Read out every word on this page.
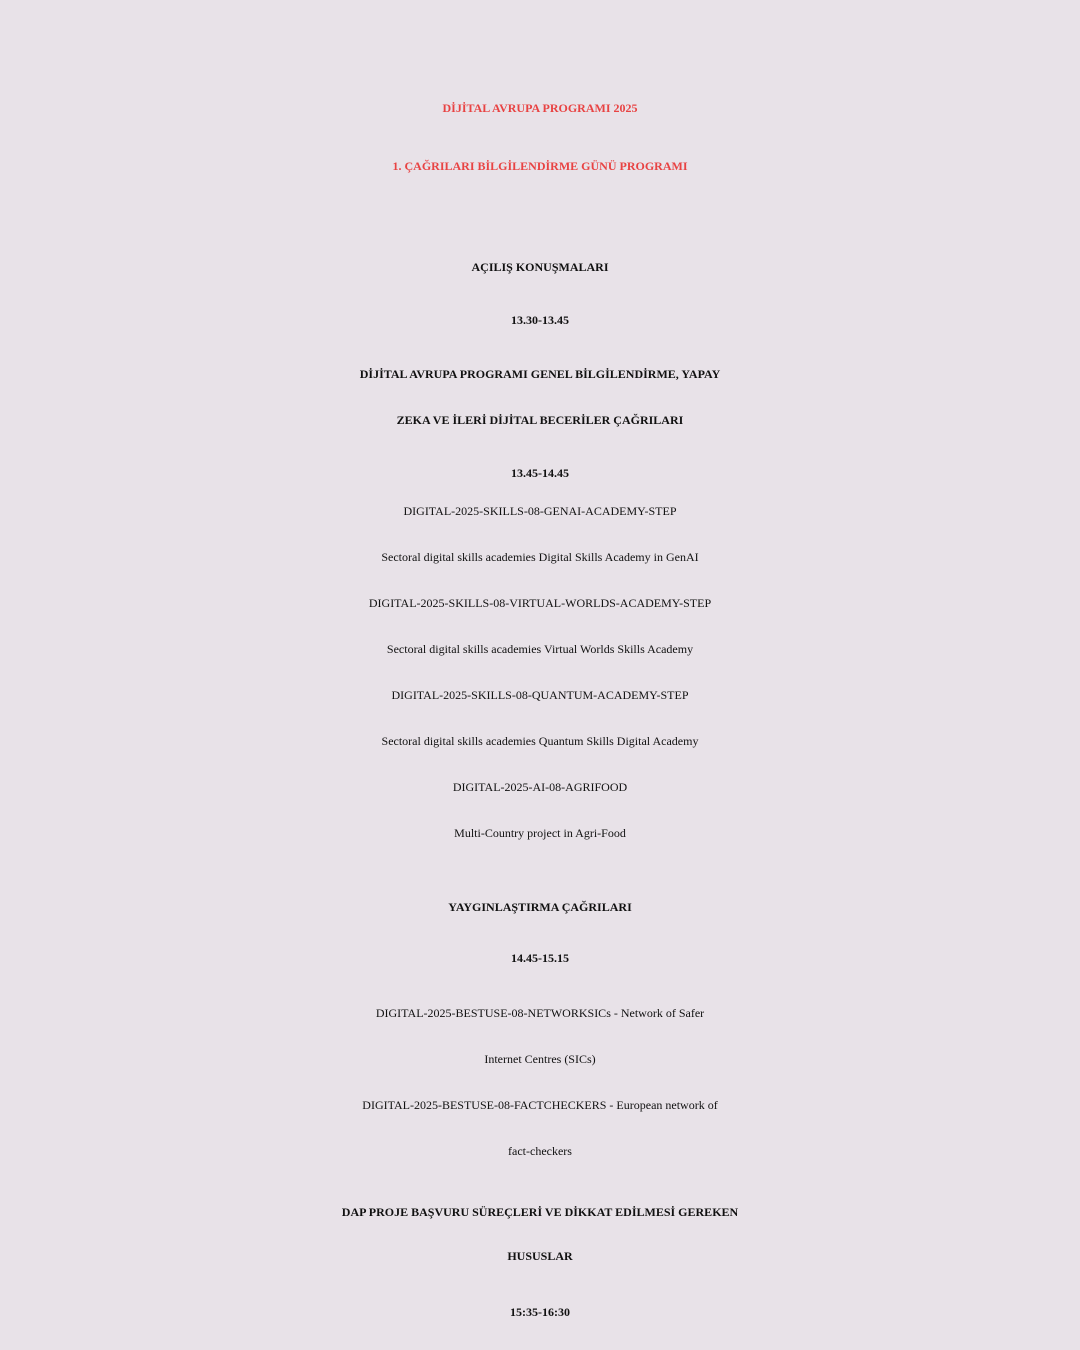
DİJİTAL AVRUPA PROGRAMI 2025
1. ÇAĞRILARI BİLGİLENDİRME GÜNÜ PROGRAMI
AÇILIŞ KONUŞMALARI
13.30-13.45
DİJİTAL AVRUPA PROGRAMI GENEL BİLGİLENDİRME, YAPAY
ZEKA VE İLERİ DİJİTAL BECERİLER ÇAĞRILARI
13.45-14.45
DIGITAL-2025-SKILLS-08-GENAI-ACADEMY-STEP
Sectoral digital skills academies Digital Skills Academy in GenAI
DIGITAL-2025-SKILLS-08-VIRTUAL-WORLDS-ACADEMY-STEP
Sectoral digital skills academies Virtual Worlds Skills Academy
DIGITAL-2025-SKILLS-08-QUANTUM-ACADEMY-STEP
Sectoral digital skills academies Quantum Skills Digital Academy
DIGITAL-2025-AI-08-AGRIFOOD
Multi-Country project in Agri-Food
YAYGINLAŞTIRMA ÇAĞRILARI
14.45-15.15
DIGITAL-2025-BESTUSE-08-NETWORKSICs - Network of Safer
Internet Centres (SICs)
DIGITAL-2025-BESTUSE-08-FACTCHECKERS - European network of
fact-checkers
DAP PROJE BAŞVURU SÜREÇLERİ VE DİKKAT EDİLMESİ GEREKEN
HUSUSLAR
15:35-16:30
